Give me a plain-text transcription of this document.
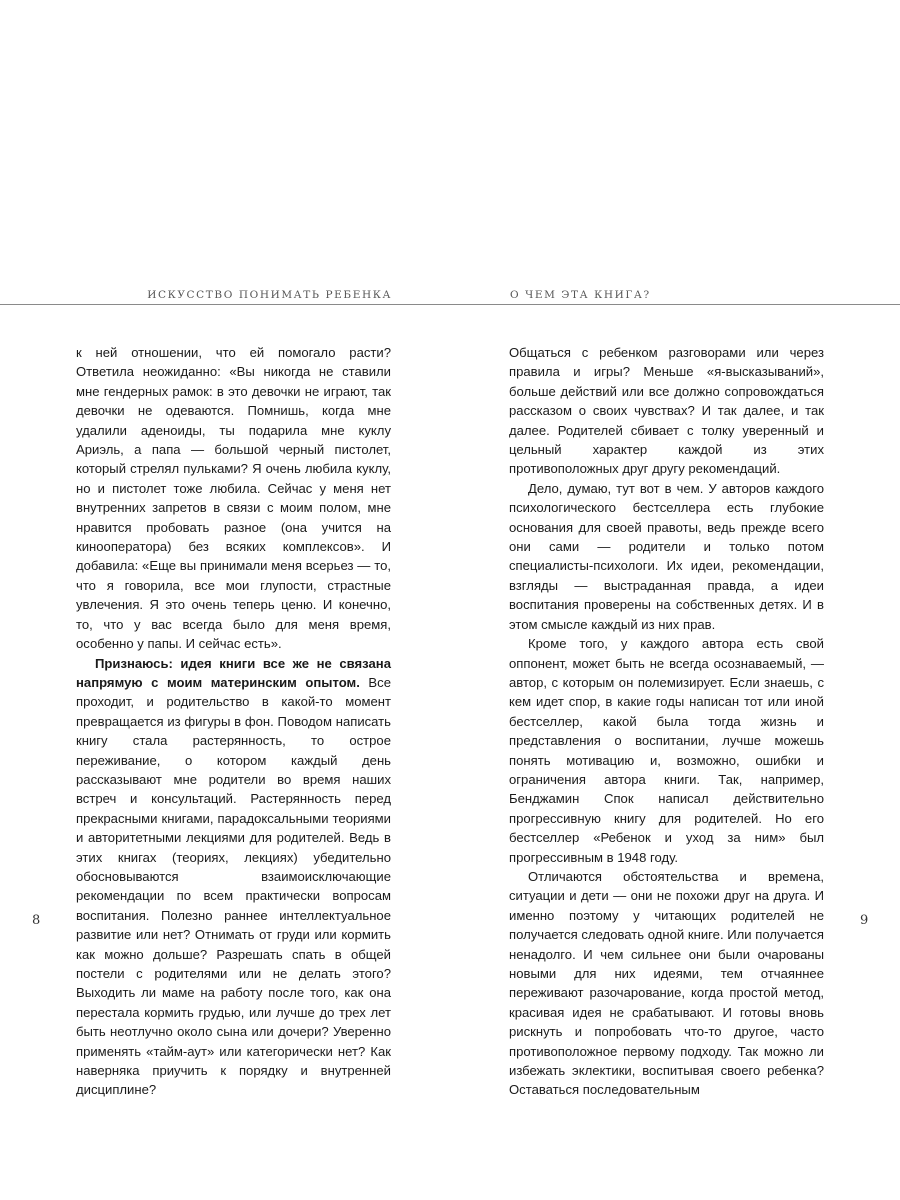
ИСКУССТВО ПОНИМАТЬ РЕБЕНКА	О ЧЕМ ЭТА КНИГА?

к ней отношении, что ей помогало расти? Ответила неожиданно: «Вы никогда не ставили мне гендерных рамок: в это девочки не играют, так девочки не одеваются. Помнишь, когда мне удалили аденоиды, ты подарила мне куклу Ариэль, а папа — большой черный пистолет, который стрелял пульками? Я очень любила куклу, но и пистолет тоже любила. Сейчас у меня нет внутренних запретов в связи с моим полом, мне нравится пробовать разное (она учится на кинооператора) без всяких комплексов». И добавила: «Еще вы принимали меня всерьез — то, что я говорила, все мои глупости, страстные увлечения. Я это очень теперь ценю. И конечно, то, что у вас всегда было для меня время, особенно у папы. И сейчас есть».

Признаюсь: идея книги все же не связана напрямую с моим материнским опытом. Все проходит, и родительство в какой-то момент превращается из фигуры в фон. Поводом написать книгу стала растерянность, то острое переживание, о котором каждый день рассказывают мне родители во время наших встреч и консультаций. Растерянность перед прекрасными книгами, парадоксальными теориями и авторитетными лекциями для родителей. Ведь в этих книгах (теориях, лекциях) убедительно обосновываются взаимоисключающие рекомендации по всем практически вопросам воспитания. Полезно раннее интеллектуальное развитие или нет? Отнимать от груди или кормить как можно дольше? Разрешать спать в общей постели с родителями или не делать этого? Выходить ли маме на работу после того, как она перестала кормить грудью, или лучше до трех лет быть неотлучно около сына или дочери? Уверенно применять «тайм-аут» или категорически нет? Как наверняка приучить к порядку и внутренней дисциплине?

Общаться с ребенком разговорами или через правила и игры? Меньше «я-высказываний», больше действий или все должно сопровождаться рассказом о своих чувствах? И так далее, и так далее. Родителей сбивает с толку уверенный и цельный характер каждой из этих противоположных друг другу рекомендаций.

Дело, думаю, тут вот в чем. У авторов каждого психологического бестселлера есть глубокие основания для своей правоты, ведь прежде всего они сами — родители и только потом специалисты-психологи. Их идеи, рекомендации, взгляды — выстраданная правда, а идеи воспитания проверены на собственных детях. И в этом смысле каждый из них прав.

Кроме того, у каждого автора есть свой оппонент, может быть не всегда осознаваемый, — автор, с которым он полемизирует. Если знаешь, с кем идет спор, в какие годы написан тот или иной бестселлер, какой была тогда жизнь и представления о воспитании, лучше можешь понять мотивацию и, возможно, ошибки и ограничения автора книги. Так, например, Бенджамин Спок написал действительно прогрессивную книгу для родителей. Но его бестселлер «Ребенок и уход за ним» был прогрессивным в 1948 году.

Отличаются обстоятельства и времена, ситуации и дети — они не похожи друг на друга. И именно поэтому у читающих родителей не получается следовать одной книге. Или получается ненадолго. И чем сильнее они были очарованы новыми для них идеями, тем отчаяннее переживают разочарование, когда простой метод, красивая идея не срабатывают. И готовы вновь рискнуть и попробовать что-то другое, часто противоположное первому подходу. Так можно ли избежать эклектики, воспитывая своего ребенка? Оставаться последовательным

8	9
